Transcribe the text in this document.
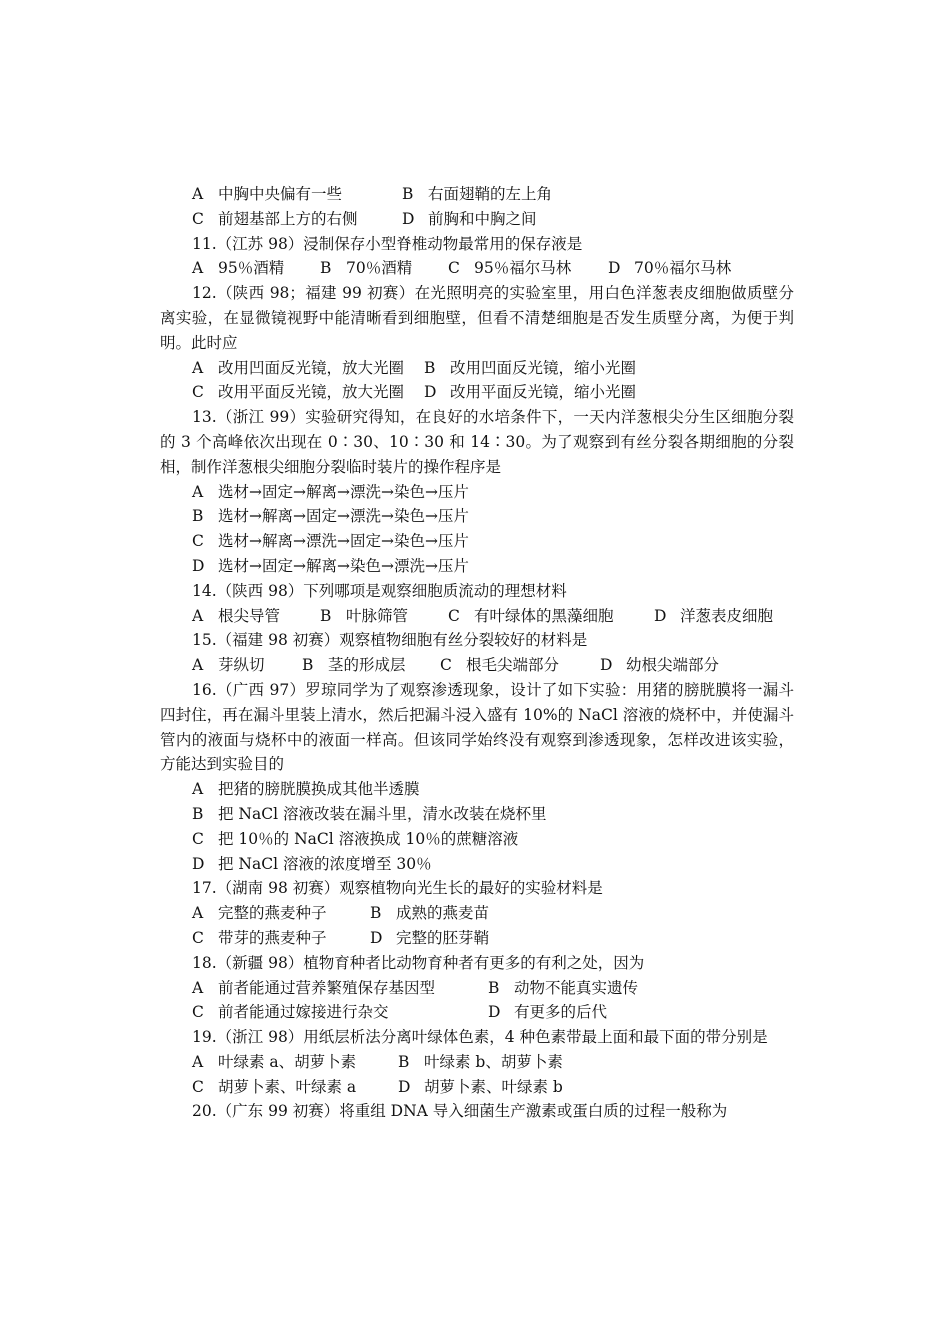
A 中胸中央偏有一些	B 右面翅鞘的左上角
C 前翅基部上方的右侧	D 前胸和中胸之间
11.（江苏 98）浸制保存小型脊椎动物最常用的保存液是
A 95％酒精	B 70％酒精	C 95％福尔马林	D 70％福尔马林
12.（陕西 98；福建 99 初赛）在光照明亮的实验室里，用白色洋葱表皮细胞做质壁分离实验，在显微镜视野中能清晰看到细胞壁，但看不清楚细胞是否发生质壁分离，为便于判明。此时应
A 改用凹面反光镜，放大光圈	B 改用凹面反光镜，缩小光圈
C 改用平面反光镜，放大光圈	D 改用平面反光镜，缩小光圈
13.（浙江 99）实验研究得知，在良好的水培条件下，一天内洋葱根尖分生区细胞分裂的 3 个高峰依次出现在 0∶30、10∶30 和 14∶30。为了观察到有丝分裂各期细胞的分裂相，制作洋葱根尖细胞分裂临时装片的操作程序是
A 选材→固定→解离→漂洗→染色→压片
B 选材→解离→固定→漂洗→染色→压片
C 选材→解离→漂洗→固定→染色→压片
D 选材→固定→解离→染色→漂洗→压片
14.（陕西 98）下列哪项是观察细胞质流动的理想材料
A 根尖导管	B 叶脉筛管	C 有叶绿体的黑藻细胞	D 洋葱表皮细胞
15.（福建 98 初赛）观察植物细胞有丝分裂较好的材料是
A 芽纵切	B 茎的形成层	C 根毛尖端部分	D 幼根尖端部分
16.（广西 97）罗琼同学为了观察渗透现象，设计了如下实验：用猪的膀胱膜将一漏斗四封住，再在漏斗里装上清水，然后把漏斗浸入盛有 10%的 NaCl 溶液的烧杯中，并使漏斗管内的液面与烧杯中的液面一样高。但该同学始终没有观察到渗透现象，怎样改进该实验，方能达到实验目的
A 把猪的膀胱膜换成其他半透膜
B 把 NaCl 溶液改装在漏斗里，清水改装在烧杯里
C 把 10％的 NaCl 溶液换成 10％的蔗糖溶液
D 把 NaCl 溶液的浓度增至 30％
17.（湖南 98 初赛）观察植物向光生长的最好的实验材料是
A 完整的燕麦种子	B 成熟的燕麦苗
C 带芽的燕麦种子	D 完整的胚芽鞘
18.（新疆 98）植物育种者比动物育种者有更多的有利之处，因为
A 前者能通过营养繁殖保存基因型	B 动物不能真实遗传
C 前者能通过嫁接进行杂交	D 有更多的后代
19.（浙江 98）用纸层析法分离叶绿体色素，4 种色素带最上面和最下面的带分别是
A 叶绿素 a、胡萝卜素	B 叶绿素 b、胡萝卜素
C 胡萝卜素、叶绿素 a	D 胡萝卜素、叶绿素 b
20.（广东 99 初赛）将重组 DNA 导入细菌生产激素或蛋白质的过程一般称为
